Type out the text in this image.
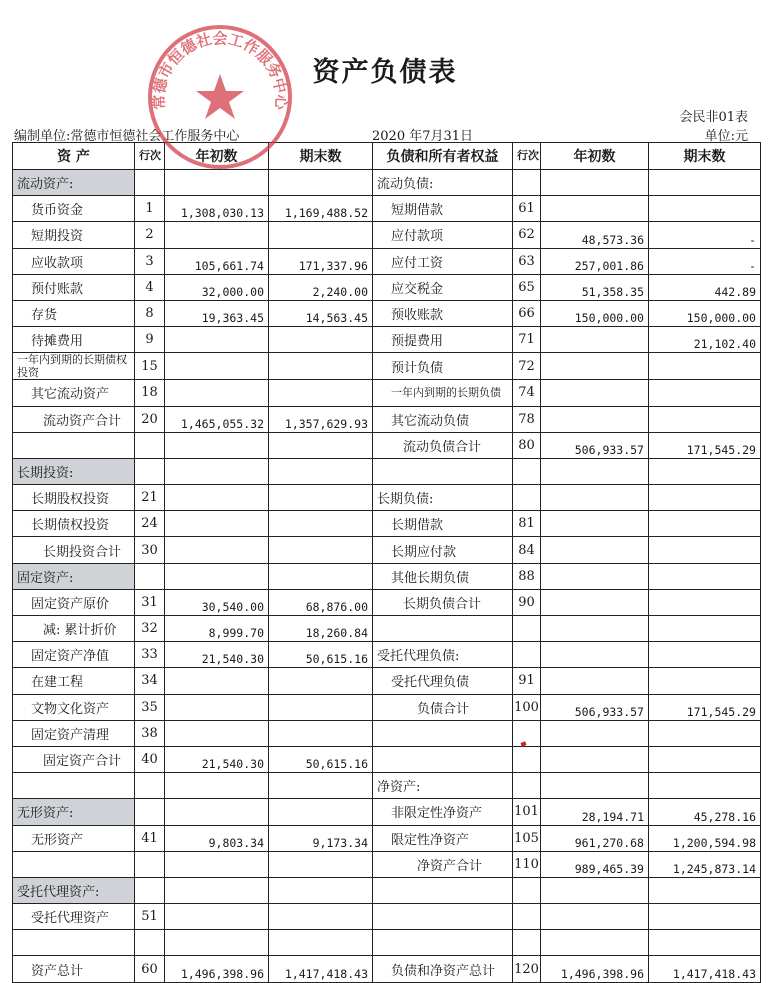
资产负债表
会民非01表
编制单位:常德市恒德社会工作服务中心	2020 年7月31日	单位:元
资 产	行次	年初数	期末数	负债和所有者权益	行次	年初数	期末数
流动资产:				流动负债:			
货币资金	1	1,308,030.13	1,169,488.52	短期借款	61		
短期投资	2			应付款项	62	48,573.36	-
应收款项	3	105,661.74	171,337.96	应付工资	63	257,001.86	-
预付账款	4	32,000.00	2,240.00	应交税金	65	51,358.35	442.89
存货	8	19,363.45	14,563.45	预收账款	66	150,000.00	150,000.00
待摊费用	9			预提费用	71		21,102.40
一年内到期的长期债权投资	15			预计负债	72		
其它流动资产	18			一年内到期的长期负债	74		
流动资产合计	20	1,465,055.32	1,357,629.93	其它流动负债	78		
				流动负债合计	80	506,933.57	171,545.29
长期投资:							
长期股权投资	21			长期负债:			
长期债权投资	24			长期借款	81		
长期投资合计	30			长期应付款	84		
固定资产:				其他长期负债	88		
固定资产原价	31	30,540.00	68,876.00	长期负债合计	90		
减: 累计折价	32	8,999.70	18,260.84				
固定资产净值	33	21,540.30	50,615.16	受托代理负债:			
在建工程	34			受托代理负债	91		
文物文化资产	35			负债合计	100	506,933.57	171,545.29
固定资产清理	38						
固定资产合计	40	21,540.30	50,615.16				
				净资产:			
无形资产:				非限定性净资产	101	28,194.71	45,278.16
无形资产	41	9,803.34	9,173.34	限定性净资产	105	961,270.68	1,200,594.98
				净资产合计	110	989,465.39	1,245,873.14
受托代理资产:							
受托代理资产	51						

资产总计	60	1,496,398.96	1,417,418.43	负债和净资产总计	120	1,496,398.96	1,417,418.43
常德市恒德社会工作服务中心
